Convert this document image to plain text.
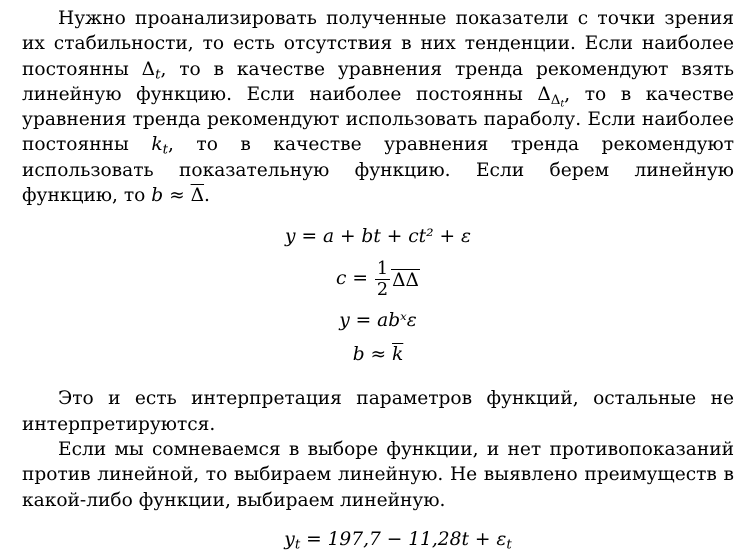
Нужно проанализировать полученные показатели с точки зрения их стабильности, то есть отсутствия в них тенденции. Если наиболее постоянны $\Delta_t$, то в качестве уравнения тренда рекомендуют взять линейную функцию. Если наиболее постоянны $\Delta_{\Delta_t}$, то в качестве уравнения тренда рекомендуют использовать параболу. Если наиболее постоянны $k_t$, то в качестве уравнения тренда рекомендуют использовать показательную функцию. Если берем линейную функцию, то $b \approx \overline{\Delta}$.

y = a + bt + ct² + ε
$c = \frac{1}{2}$ ΔΔ
y = abˣε
$b \approx \overline{k}$

Это и есть интерпретация параметров функций, остальные не интерпретируются.

Если мы сомневаемся в выборе функции, и нет противопоказаний против линейной, то выбираем линейную. Не выявлено преимуществ в какой-либо функции, выбираем линейную.

$y_t = 197,7 - 11,28t + \varepsilon_t$
